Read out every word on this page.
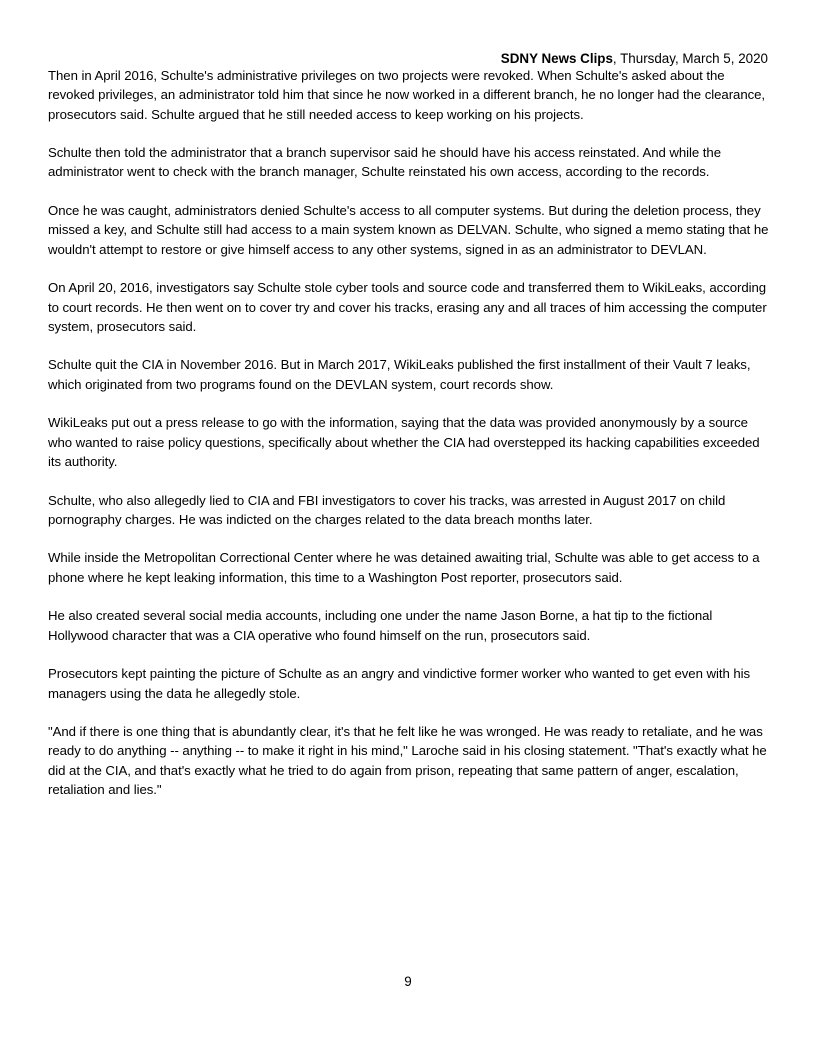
SDNY News Clips, Thursday, March 5, 2020

Then in April 2016, Schulte's administrative privileges on two projects were revoked. When Schulte's asked about the revoked privileges, an administrator told him that since he now worked in a different branch, he no longer had the clearance, prosecutors said. Schulte argued that he still needed access to keep working on his projects.

Schulte then told the administrator that a branch supervisor said he should have his access reinstated. And while the administrator went to check with the branch manager, Schulte reinstated his own access, according to the records.

Once he was caught, administrators denied Schulte's access to all computer systems. But during the deletion process, they missed a key, and Schulte still had access to a main system known as DELVAN. Schulte, who signed a memo stating that he wouldn't attempt to restore or give himself access to any other systems, signed in as an administrator to DEVLAN.

On April 20, 2016, investigators say Schulte stole cyber tools and source code and transferred them to WikiLeaks, according to court records. He then went on to cover try and cover his tracks, erasing any and all traces of him accessing the computer system, prosecutors said.

Schulte quit the CIA in November 2016. But in March 2017, WikiLeaks published the first installment of their Vault 7 leaks, which originated from two programs found on the DEVLAN system, court records show.

WikiLeaks put out a press release to go with the information, saying that the data was provided anonymously by a source who wanted to raise policy questions, specifically about whether the CIA had overstepped its hacking capabilities exceeded its authority.

Schulte, who also allegedly lied to CIA and FBI investigators to cover his tracks, was arrested in August 2017 on child pornography charges. He was indicted on the charges related to the data breach months later.

While inside the Metropolitan Correctional Center where he was detained awaiting trial, Schulte was able to get access to a phone where he kept leaking information, this time to a Washington Post reporter, prosecutors said.

He also created several social media accounts, including one under the name Jason Borne, a hat tip to the fictional Hollywood character that was a CIA operative who found himself on the run, prosecutors said.

Prosecutors kept painting the picture of Schulte as an angry and vindictive former worker who wanted to get even with his managers using the data he allegedly stole.

"And if there is one thing that is abundantly clear, it's that he felt like he was wronged. He was ready to retaliate, and he was ready to do anything -- anything -- to make it right in his mind," Laroche said in his closing statement. "That's exactly what he did at the CIA, and that's exactly what he tried to do again from prison, repeating that same pattern of anger, escalation, retaliation and lies."

9
